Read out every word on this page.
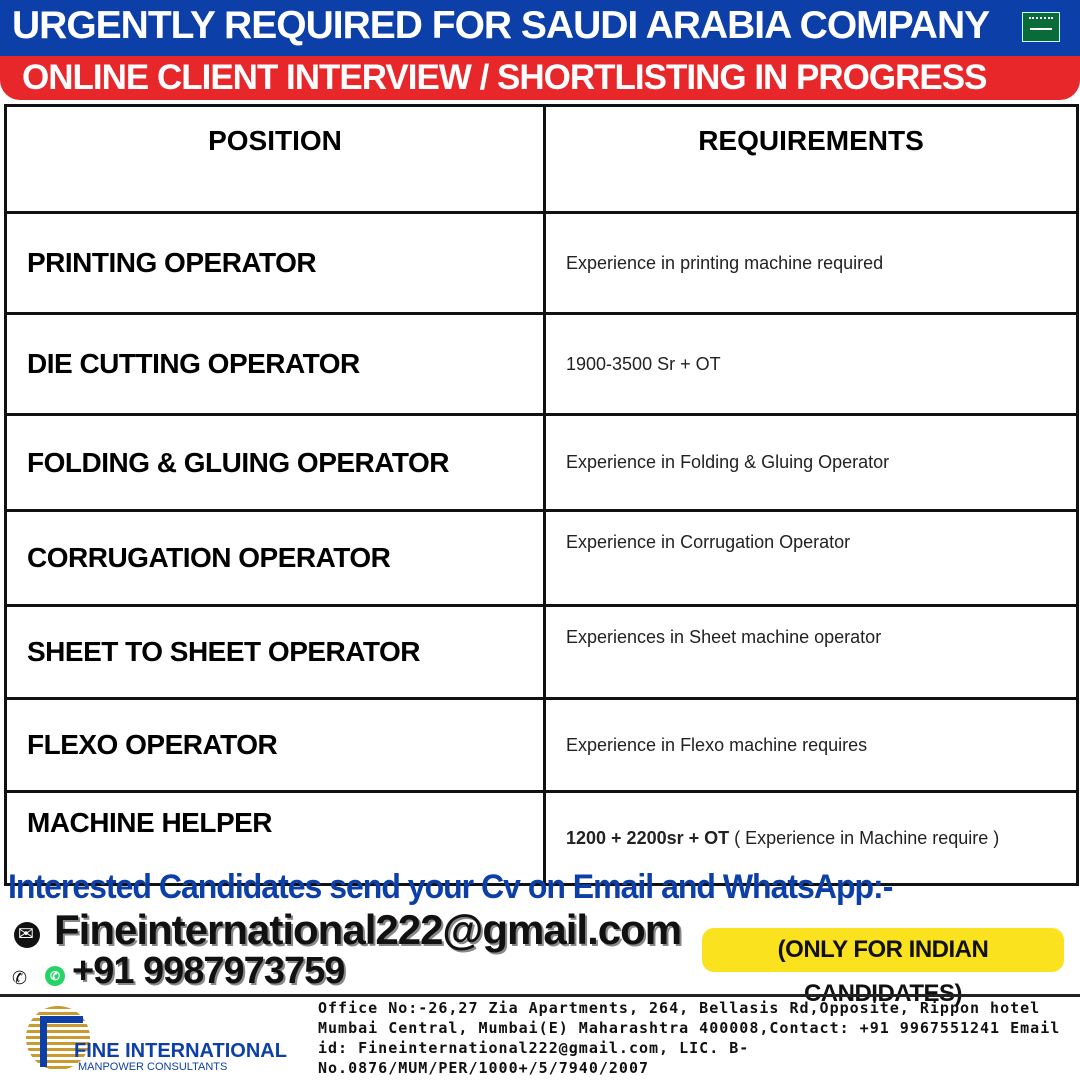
URGENTLY REQUIRED FOR SAUDI ARABIA COMPANY
ONLINE CLIENT INTERVIEW / SHORTLISTING IN PROGRESS
POSITION	REQUIREMENTS
PRINTING OPERATOR	Experience in printing machine required
DIE CUTTING OPERATOR	1900-3500 Sr + OT
FOLDING & GLUING OPERATOR	Experience in Folding & Gluing Operator
CORRUGATION OPERATOR	Experience in Corrugation Operator
SHEET TO SHEET OPERATOR	Experiences in Sheet machine operator
FLEXO OPERATOR	Experience in Flexo machine requires
MACHINE HELPER	1200 + 2200sr + OT ( Experience in Machine require )
Interested Candidates send your Cv on Email and WhatsApp:-
✉
Fineinternational222@gmail.com
✆	✆ +91 9987973759
(ONLY FOR INDIAN
FINE INTERNATIONAL
MANPOWER CONSULTANTS
Office No:-26,27 Zia Apartments, 264, Bellasis Rd,Opposite, Rippon hotel Mumbai Central, Mumbai(E) Maharashtra 400008,Contact: +91 9967551241 Email id: Fineinternational222@gmail.com, LIC. B-No.0876/MUM/PER/1000+/5/7940/2007
